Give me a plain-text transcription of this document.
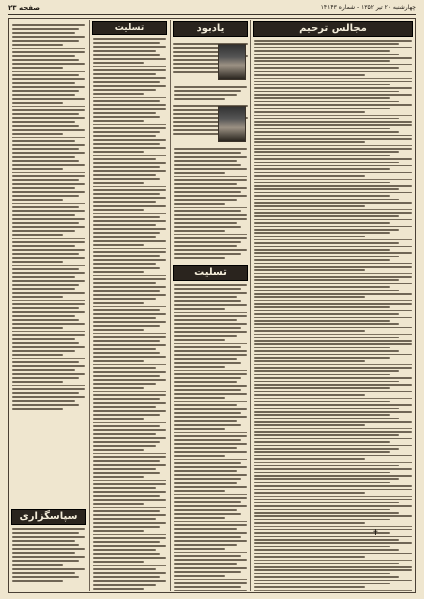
صفحه ۲۳	چهارشنبه ۲۰ تیر ۱۳۵۲ - شماره ۱۴۱۴۳
سپاسگزاری
تسلیت	یادبود
تسلیت
مجالس ترحیم
✝
